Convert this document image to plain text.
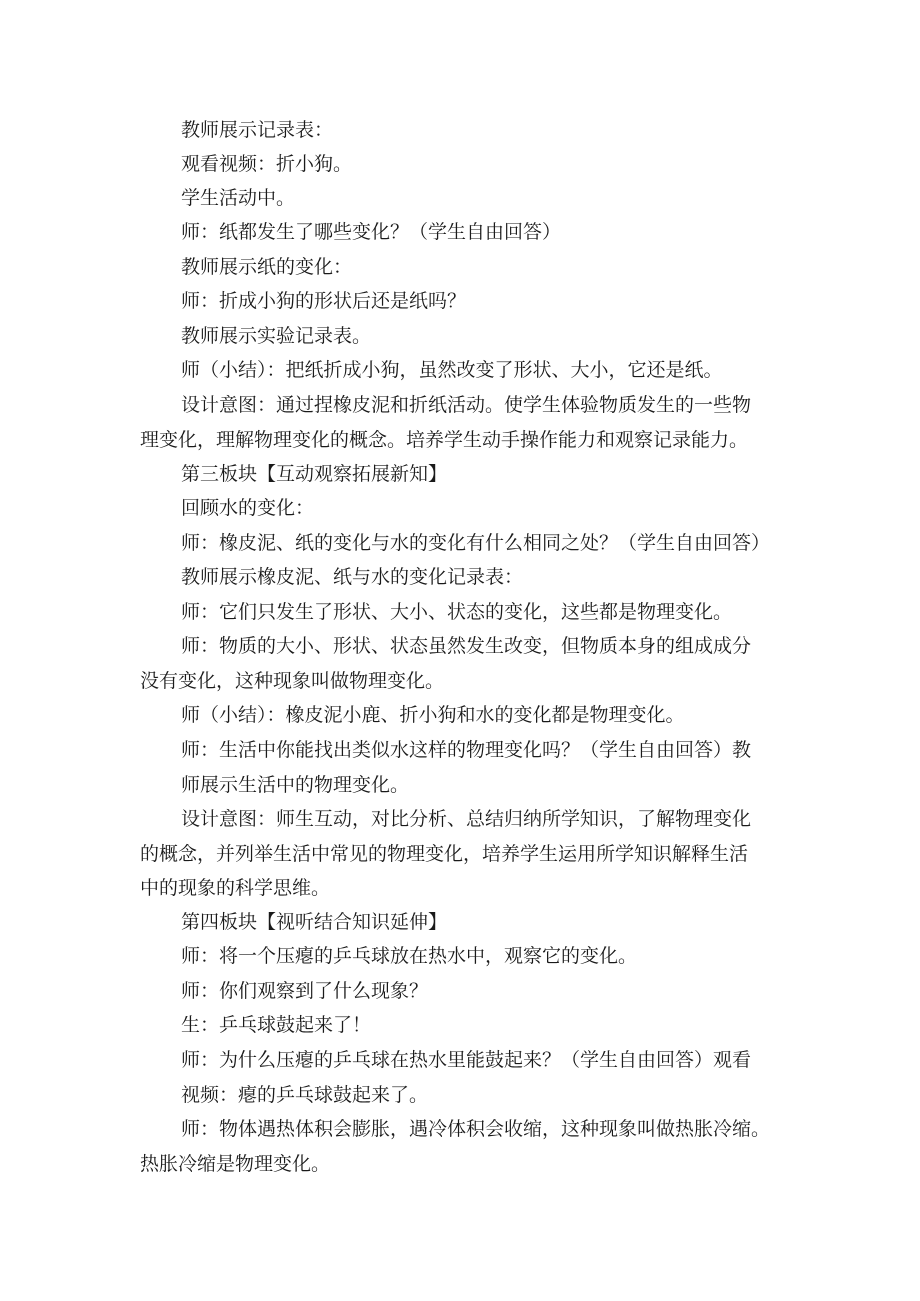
教师展示记录表：
观看视频：折小狗。
学生活动中。
师：纸都发生了哪些变化？（学生自由回答）
教师展示纸的变化：
师：折成小狗的形状后还是纸吗？
教师展示实验记录表。
师（小结）：把纸折成小狗，虽然改变了形状、大小，它还是纸。
设计意图：通过捏橡皮泥和折纸活动。使学生体验物质发生的一些物
理变化，理解物理变化的概念。培养学生动手操作能力和观察记录能力。
第三板块【互动观察拓展新知】
回顾水的变化：
师：橡皮泥、纸的变化与水的变化有什么相同之处？（学生自由回答）
教师展示橡皮泥、纸与水的变化记录表：
师：它们只发生了形状、大小、状态的变化，这些都是物理变化。
师：物质的大小、形状、状态虽然发生改变，但物质本身的组成成分
没有变化，这种现象叫做物理变化。
师（小结）：橡皮泥小鹿、折小狗和水的变化都是物理变化。
师：生活中你能找出类似水这样的物理变化吗？（学生自由回答）教
师展示生活中的物理变化。
设计意图：师生互动，对比分析、总结归纳所学知识，了解物理变化
的概念，并列举生活中常见的物理变化，培养学生运用所学知识解释生活
中的现象的科学思维。
第四板块【视听结合知识延伸】
师：将一个压瘪的乒乓球放在热水中，观察它的变化。
师：你们观察到了什么现象？
生：乒乓球鼓起来了！
师：为什么压瘪的乒乓球在热水里能鼓起来？（学生自由回答）观看
视频：瘪的乒乓球鼓起来了。
师：物体遇热体积会膨胀，遇冷体积会收缩，这种现象叫做热胀冷缩。
热胀冷缩是物理变化。
